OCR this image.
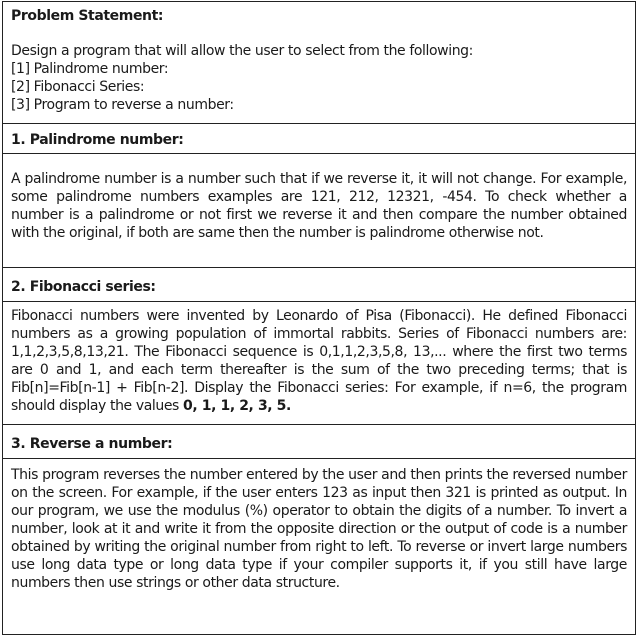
Problem Statement:
Design a program that will allow the user to select from the following:
[1] Palindrome number:
[2] Fibonacci Series:
[3] Program to reverse a number:
1. Palindrome number:
A palindrome number is a number such that if we reverse it, it will not change. For example, some palindrome numbers examples are 121, 212, 12321, -454. To check whether a number is a palindrome or not first we reverse it and then compare the number obtained with the original, if both are same then the number is palindrome otherwise not.
2. Fibonacci series:
Fibonacci numbers were invented by Leonardo of Pisa (Fibonacci). He defined Fibonacci numbers as a growing population of immortal rabbits. Series of Fibonacci numbers are: 1,1,2,3,5,8,13,21. The Fibonacci sequence is 0,1,1,2,3,5,8, 13,... where the first two terms are 0 and 1, and each term thereafter is the sum of the two preceding terms; that is Fib[n]=Fib[n-1] + Fib[n-2]. Display the Fibonacci series: For example, if n=6, the program should display the values 0, 1, 1, 2, 3, 5.
3. Reverse a number:
This program reverses the number entered by the user and then prints the reversed number on the screen. For example, if the user enters 123 as input then 321 is printed as output. In our program, we use the modulus (%) operator to obtain the digits of a number. To invert a number, look at it and write it from the opposite direction or the output of code is a number obtained by writing the original number from right to left. To reverse or invert large numbers use long data type or long data type if your compiler supports it, if you still have large numbers then use strings or other data structure.
